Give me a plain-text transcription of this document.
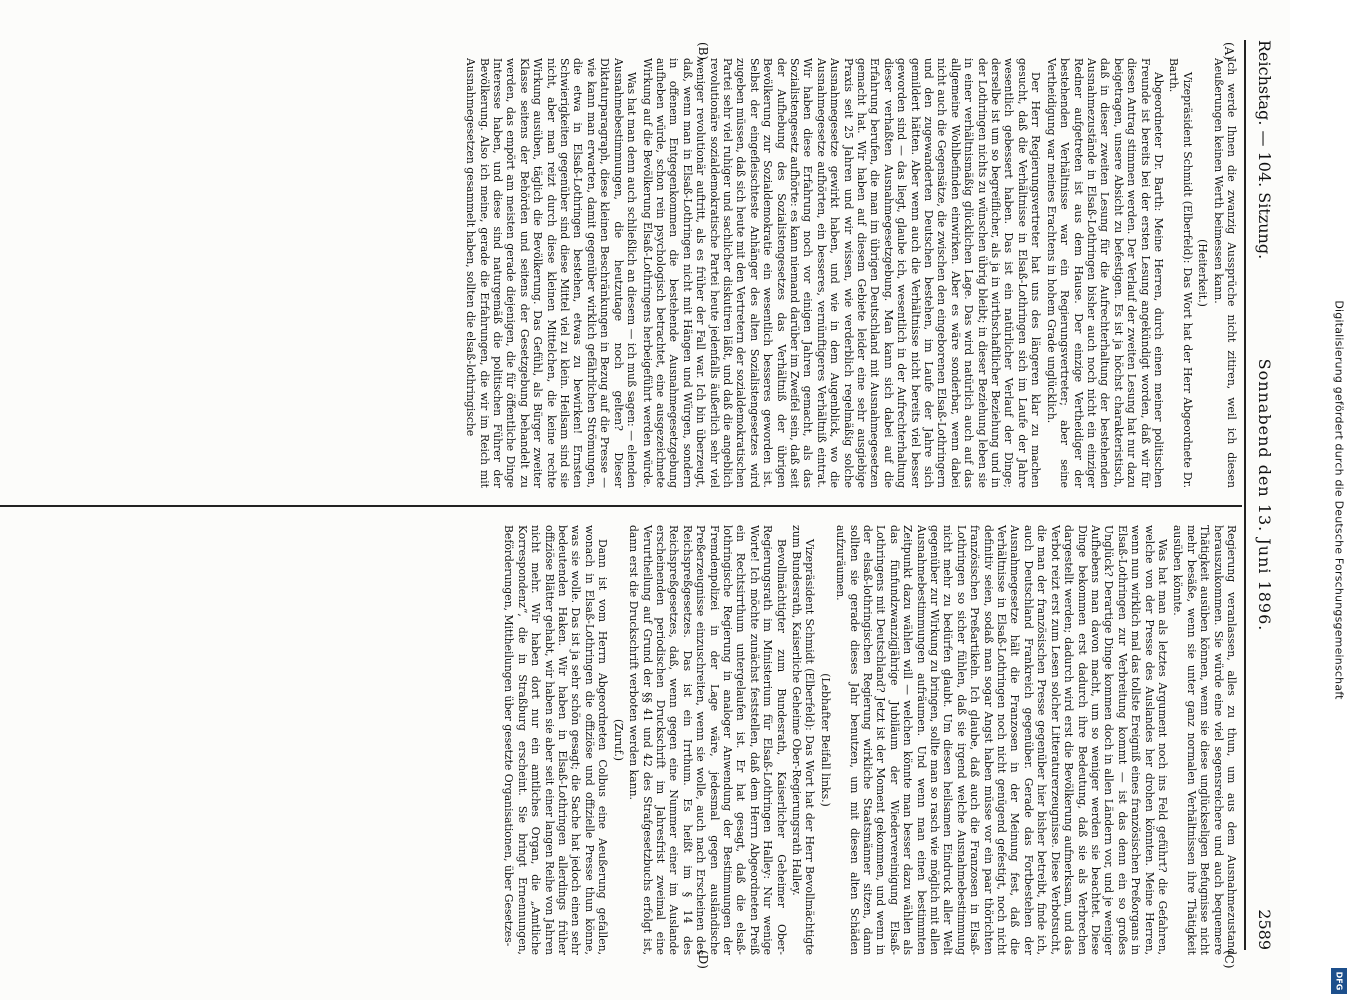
Reichstag. — 104. Sitzung.
Sonnabend den 13. Juni 1896.
2589
(A)
(B)
(C)
(D)

Ich werde Ihnen die zwanzig Aussprüche nicht zitiren, weil ich diesen Aeußerungen keinen Werth beimessen kann.

(Heiterkeit.)

Vizepräsident Schmidt (Elberfeld): Das Wort hat der Herr Abgeordnete Dr. Barth.

Abgeordneter Dr. Barth: Meine Herren, durch einen meiner politischen Freunde ist bereits bei der ersten Lesung angekündigt worden, daß wir für diesen Antrag stimmen werden. Der Verlauf der zweiten Lesung hat nur dazu beigetragen, unsere Absicht zu befestigen. Es ist ja höchst charakteristisch, daß in dieser zweiten Lesung für die Aufrechterhaltung der bestehenden Ausnahmezustände in Elsaß-Lothringen bisher auch noch nicht ein einziger Redner aufgetreten ist aus dem Hause. Der einzige Vertheidiger der bestehenden Verhältnisse war ein Regierungsvertreter; aber seine Vertheidigung war meines Erachtens in hohem Grade unglücklich.

Der Herr Regierungsvertreter hat uns des längeren klar zu machen gesucht, daß die Verhältnisse in Elsaß-Lothringen sich im Laufe der Jahre wesentlich gebessert haben. Das ist ein natürlicher Verlauf der Dinge; derselbe ist um so begreiflicher, als ja in wirthschaftlicher Beziehung und in der Lothringen nichts zu wünschen übrig bleibt; in dieser Beziehung leben sie in einer verhältnismäßig glücklichen Lage. Das wird natürlich auch auf das allgemeine Wohlbefinden einwirken. Aber es wäre sonderbar, wenn dabei nicht auch die Gegensätze, die zwischen den eingeborenen Elsaß-Lothringern und den zugewanderten Deutschen bestehen, im Laufe der Jahre sich gemildert hätten. Aber wenn auch die Verhältnisse nicht bereits viel besser geworden sind — das liegt, glaube ich, wesentlich in der Aufrechterhaltung dieser verhaßten Ausnahmegesetzgebung. Man kann sich dabei auf die Erfahrung berufen, die man im übrigen Deutschland mit Ausnahmegesetzen gemacht hat. Wir haben auf diesem Gebiete leider eine sehr ausgiebige Praxis seit 25 Jahren und wir wissen, wie verderblich regelmäßig solche Ausnahmegesetze gewirkt haben, und wie in dem Augenblick, wo die Ausnahmegesetze aufhörten, ein besseres, vernünftigeres Verhältniß eintrat. Wir haben diese Erfahrung noch vor einigen Jahren gemacht, als das Sozialistengesetz aufhörte: es kann niemand darüber im Zweifel sein, daß seit der Aufhebung des Sozialistengesetzes das Verhältniß der übrigen Bevölkerung zur Sozialdemokratie ein wesentlich besseres geworden ist. Selbst der eingefleischteste Anhänger des alten Sozialistengesetzes wird zugeben müssen, daß sich heute mit den Vertretern der sozialdemokratischen Partei sehr viel ruhiger und sachlicher diskutiren läßt, und daß die angeblich revolutionäre sozialdemokratische Partei heute jedenfalls äußerlich sehr viel weniger revolutionär auftritt, als es früher der Fall war. Ich bin überzeugt, daß, wenn man in Elsaß-Lothringen nicht mit Hängen und Würgen, sondern in offenem Entgegenkommen die bestehende Ausnahmegesetzgebung aufheben würde, schon rein psychologisch betrachtet, eine ausgezeichnete Wirkung auf die Bevölkerung Elsaß-Lothringens herbeigeführt werden würde.

Was hat man denn auch schließlich an diesem — ich muß sagen: — elenden Ausnahmebestimmungen, die heutzutage noch gelten? Dieser Diktaturparagraph, diese kleinen Beschränkungen in Bezug auf die Presse — wie kann man erwarten, damit gegenüber wirklich gefährlichen Strömungen, die etwa in Elsaß-Lothringen bestehen, etwas zu bewirken! Ernsten Schwierigkeiten gegenüber sind diese Mittel viel zu klein. Heilsam sind sie nicht, aber man reizt durch diese kleinen Mittelchen, die keine rechte Wirkung ausüben, täglich die Bevölkerung. Das Gefühl, als Bürger zweiter Klasse seitens der Behörden und seitens der Gesetzgebung behandelt zu werden, das empört am meisten gerade diejenigen, die für öffentliche Dinge Interesse haben, und diese sind naturgemäß die politischen Führer der Bevölkerung. Also ich meine, gerade die Erfahrungen, die wir im Reich mit Ausnahmegesetzen gesammelt haben, sollten die elsaß-lothringische

Regierung veranlassen, alles zu thun, um aus dem Ausnahmezustand herauszukommen. Sie würde eine viel segensreichere und auch bequemere Thätigkeit ausüben können, wenn sie diese unglückseligen Befugnisse nicht mehr besäße, wenn sie unter ganz normalen Verhältnissen ihre Thätigkeit ausüben könnte.

Was hat man als letztes Argument noch ins Feld geführt? die Gefahren, welche von der Presse des Auslandes her drohen könnten. Meine Herren, wenn nun wirklich mal das tollste Ereigniß eines französischen Preßorgans in Elsaß-Lothringen zur Verbreitung kommt — ist das denn ein so großes Unglück? Derartige Dinge kommen doch in allen Ländern vor, und je weniger Aufhebens man davon macht, um so weniger werden sie beachtet. Diese Dinge bekommen erst dadurch ihre Bedeutung, daß sie als Verbrechen dargestellt werden; dadurch wird erst die Bevölkerung aufmerksam, und das Verbot reizt erst zum Lesen solcher Litteraturerzeugnisse. Diese Verbotsucht, die man der französischen Presse gegenüber hier bisher betreibt, finde ich, auch Deutschland Frankreich gegenüber. Gerade das Fortbestehen der Ausnahmegesetze hält die Franzosen in der Meinung fest, daß die Verhältnisse in Elsaß-Lothringen noch nicht genügend gefestigt, noch nicht definitiv seien, sodaß man sogar Angst haben müsse vor ein paar thörichten französischen Preßartikeln. Ich glaube, daß auch die Franzosen in Elsaß-Lothringen so sicher fühlen, daß sie irgend welche Ausnahmebestimmung nicht mehr zu bedürfen glaubt. Um diesen heilsamen Eindruck aller Welt gegenüber zur Wirkung zu bringen, sollte man so rasch wie möglich mit allen Ausnahmebestimmungen aufräumen. Und wenn man einen bestimmten Zeitpunkt dazu wählen will — welchen könnte man besser dazu wählen als das fünfundzwanzigjährige Jubiläum der Wiedervereinigung Elsaß-Lothringens mit Deutschland? Jetzt ist der Moment gekommen, und wenn in der elsaß-lothringischen Regierung wirkliche Staatsmänner sitzen, dann sollten sie gerade dieses Jahr benutzen, um mit diesen alten Schäden aufzuräumen.

(Lebhafter Beifall links.)

Vizepräsident Schmidt (Elberfeld): Das Wort hat der Herr Bevollmächtigte zum Bundesrath, Kaiserliche Geheime Ober-Regierungsrath Halley.

Bevollmächtigter zum Bundesrath, Kaiserlicher Geheimer Ober-Regierungsrath im Ministerium für Elsaß-Lothringen Halley: Nur wenige Worte! Ich möchte zunächst feststellen, daß dem Herrn Abgeordneten Preiß ein Rechtsirrthum untergelaufen ist. Er hat gesagt, daß die elsaß-lothringische Regierung in analoger Anwendung der Bestimmungen der Fremdenpolizei in der Lage wäre, jedesmal gegen ausländische Preßerzeugnisse einzuschreiten, wenn sie wolle, auch nach Erscheinen des Reichspreßgesetzes. Das ist ein Irrthum. Es heißt im § 14 des Reichspreßgesetzes, daß, wenn gegen eine Nummer einer im Auslande erscheinenden periodischen Druckschrift im Jahresfrist zweimal eine Verurtheilung auf Grund der §§ 41 und 42 des Strafgesetzbuchs erfolgt ist, dann erst die Druckschrift verboten werden kann.

(Zuruf.)

Dann ist vom Herrn Abgeordneten Colbus eine Aeußerung gefallen, wonach in Elsaß-Lothringen die offiziöse und offizielle Presse thun könne, was sie wolle. Das ist ja sehr schön gesagt; die Sache hat jedoch einen sehr bedeutenden Haken. Wir haben in Elsaß-Lothringen allerdings früher offiziöse Blätter gehabt, wir haben sie aber seit einer langen Reihe von Jahren nicht mehr. Wir haben dort nur ein amtliches Organ, die „Amtliche Korrespondenz“, die in Straßburg erscheint. Sie bringt Ernennungen, Beförderungen, Mittheilungen über gesetzte Organisationen, über Gesetzes-

Digitalisierung gefördert durch die Deutsche Forschungsgemeinschaft
DFG
